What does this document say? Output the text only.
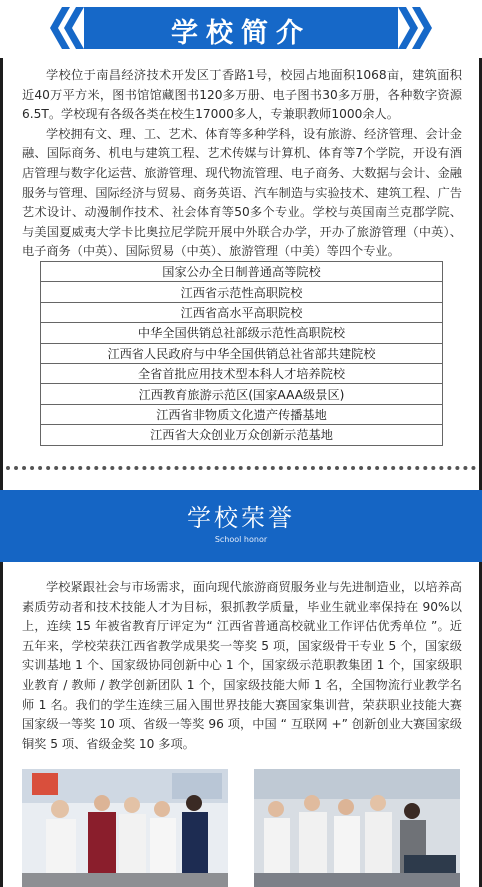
学校简介
✕	•••

学校位于南昌经济技术开发区丁香路1号，校园占地面积1068亩，建筑面积近40万平方米，图书馆馆藏图书120多万册、电子图书30多万册，各种数字资源6.5T。学校现有各级各类在校生17000多人，专兼职教师1000余人。

学校拥有文、理、工、艺术、体育等多种学科，设有旅游、经济管理、会计金融、国际商务、机电与建筑工程、艺术传媒与计算机、体育等7个学院，开设有酒店管理与数字化运营、旅游管理、现代物流管理、电子商务、大数据与会计、金融服务与管理、国际经济与贸易、商务英语、汽车制造与实验技术、建筑工程、广告艺术设计、动漫制作技术、社会体育等50多个专业。学校与英国南兰克郡学院、与美国夏威夷大学卡比奥拉尼学院开展中外联合办学，开办了旅游管理（中英）、电子商务（中英）、国际贸易（中英）、旅游管理（中美）等四个专业。

国家公办全日制普通高等院校
江西省示范性高职院校
江西省高水平高职院校
中华全国供销总社部级示范性高职院校
江西省人民政府与中华全国供销总社省部共建院校
全省首批应用技术型本科人才培养院校
江西教育旅游示范区(国家AAA级景区)
江西省非物质文化遗产传播基地
江西省大众创业万众创新示范基地
学校荣誉
School honor

学校紧跟社会与市场需求，面向现代旅游商贸服务业与先进制造业，以培养高素质劳动者和技术技能人才为目标，狠抓教学质量，毕业生就业率保持在 90%以上，连续 15 年被省教育厅评定为“ 江西省普通高校就业工作评估优秀单位 ”。近五年来，学校荣获江西省教学成果奖一等奖 5 项，国家级骨干专业 5 个，国家级实训基地 1 个、国家级协同创新中心 1 个，国家级示范职教集团 1 个，国家级职业教育 / 教师 / 教学创新团队 1 个，国家级技能大师 1 名，全国物流行业教学名师 1 名。我们的学生连续三届入围世界技能大赛国家集训营，荣获职业技能大赛国家级一等奖 10 项、省级一等奖 96 项，中国 “ 互联网 +” 创新创业大赛国家级铜奖 5 项、省级金奖 10 多项。
